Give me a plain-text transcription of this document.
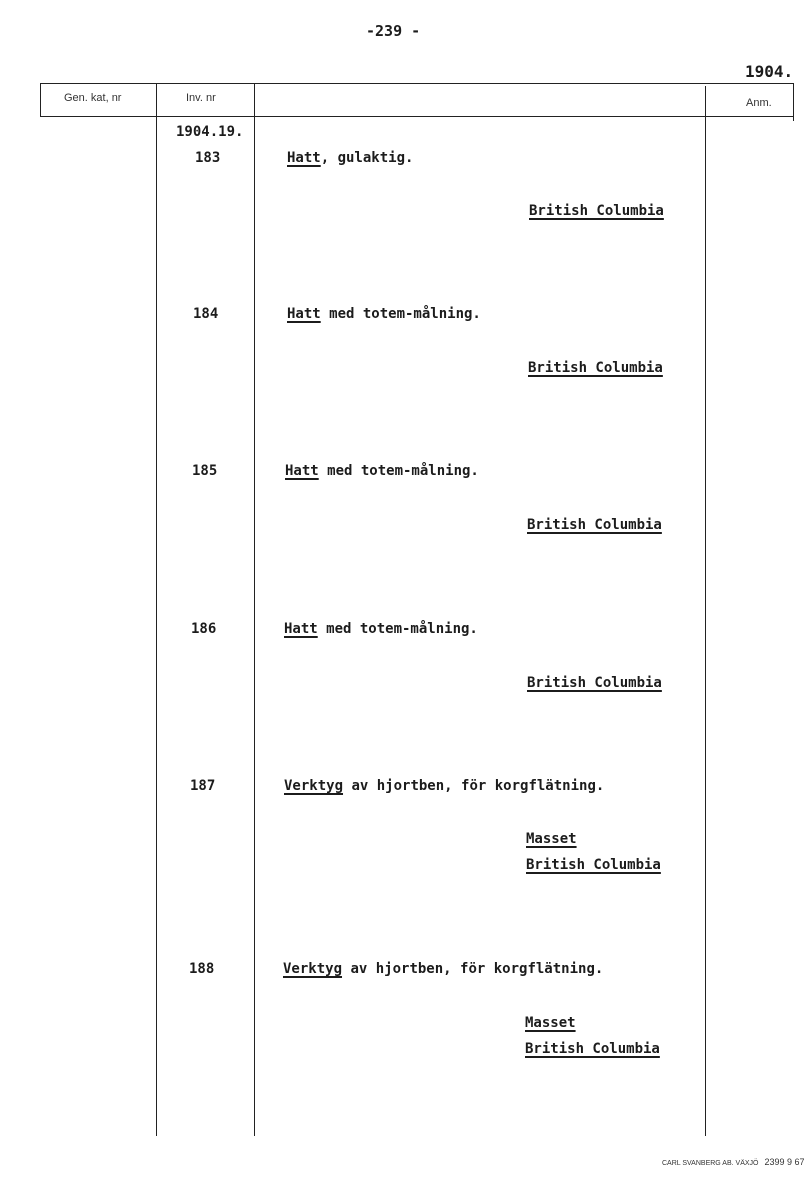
-239 -
1904.
Gen. kat, nr	Inv. nr	Anm.
1904.19.
183	Hatt, gulaktig.
British Columbia
184	Hatt med totem-målning.
British Columbia
185	Hatt med totem-målning.
British Columbia
186	Hatt med totem-målning.
British Columbia
187	Verktyg av hjortben, för korgflätning.
Masset
British Columbia
188	Verktyg av hjortben, för korgflätning.
Masset
British Columbia
CARL SVANBERG AB. VÄXJÖ 2399 9 67
